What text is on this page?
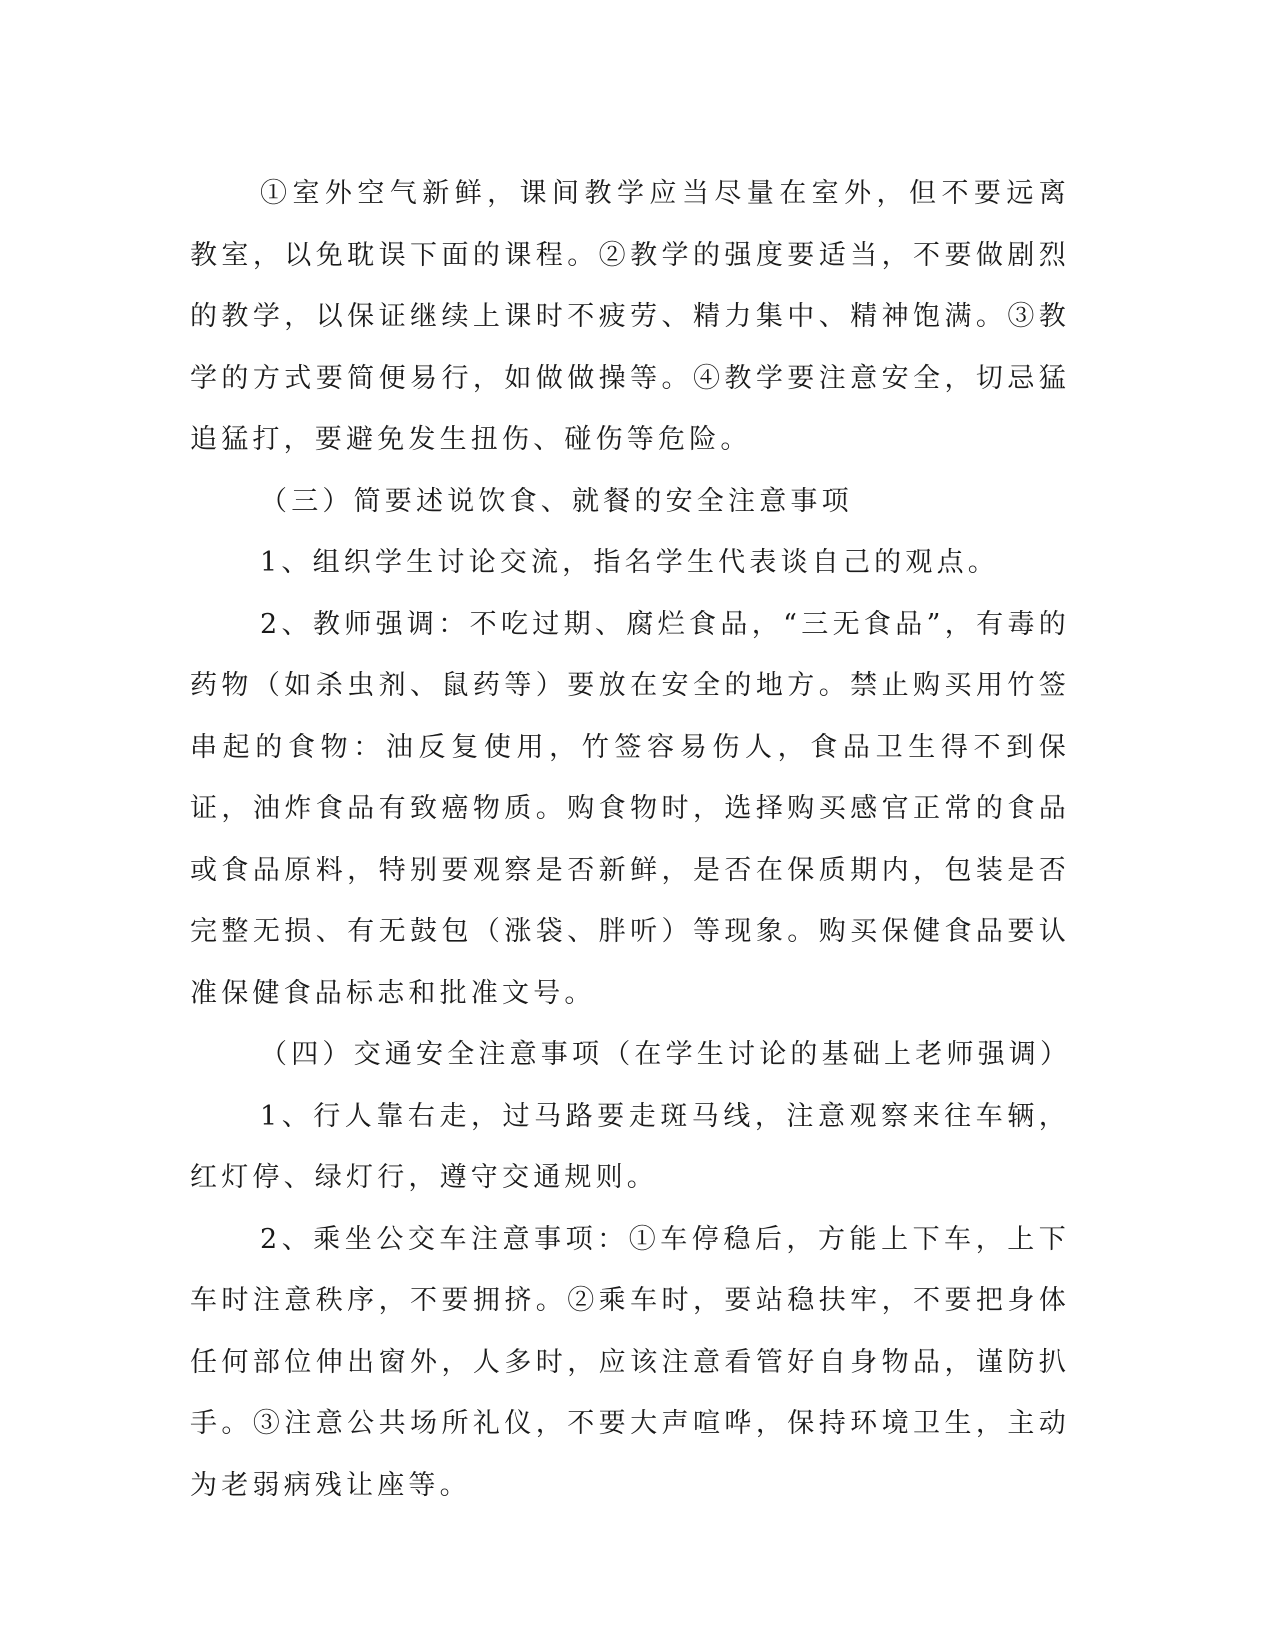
①室外空气新鲜，课间教学应当尽量在室外，但不要远离教室，以免耽误下面的课程。②教学的强度要适当，不要做剧烈的教学，以保证继续上课时不疲劳、精力集中、精神饱满。③教学的方式要简便易行，如做做操等。④教学要注意安全，切忌猛追猛打，要避免发生扭伤、碰伤等危险。

（三）简要述说饮食、就餐的安全注意事项

1、组织学生讨论交流，指名学生代表谈自己的观点。

2、教师强调：不吃过期、腐烂食品，“三无食品”，有毒的药物（如杀虫剂、鼠药等）要放在安全的地方。禁止购买用竹签串起的食物：油反复使用，竹签容易伤人，食品卫生得不到保证，油炸食品有致癌物质。购食物时，选择购买感官正常的食品或食品原料，特别要观察是否新鲜，是否在保质期内，包装是否完整无损、有无鼓包（涨袋、胖听）等现象。购买保健食品要认准保健食品标志和批准文号。

（四）交通安全注意事项（在学生讨论的基础上老师强调）

1、行人靠右走，过马路要走斑马线，注意观察来往车辆，红灯停、绿灯行，遵守交通规则。

2、乘坐公交车注意事项：①车停稳后，方能上下车，上下车时注意秩序，不要拥挤。②乘车时，要站稳扶牢，不要把身体任何部位伸出窗外，人多时，应该注意看管好自身物品，谨防扒手。③注意公共场所礼仪，不要大声喧哗，保持环境卫生，主动为老弱病残让座等。
